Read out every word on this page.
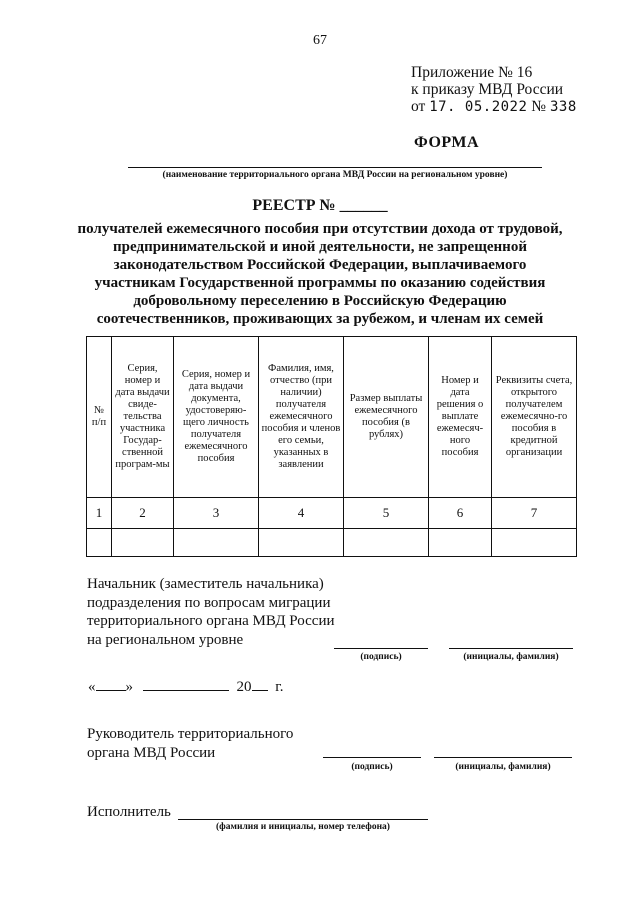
67
Приложение № 16
к приказу МВД России
от 17. 05.2022 № 338
ФОРМА
(наименование территориального органа МВД России на региональном уровне)
РЕЕСТР № ______
получателей ежемесячного пособия при отсутствии дохода от трудовой,
предпринимательской и иной деятельности, не запрещенной
законодательством Российской Федерации, выплачиваемого
участникам Государственной программы по оказанию содействия
добровольному переселению в Российскую Федерацию
соотечественников, проживающих за рубежом, и членам их семей
№ п/п	Серия, номер и дата выдачи свиде-тельства участника Государ-ственной програм-мы	Серия, номер и дата выдачи документа, удостоверяю-щего личность получателя ежемесячного пособия	Фамилия, имя, отчество (при наличии) получателя ежемесячного пособия и членов его семьи, указанных в заявлении	Размер выплаты ежемесячного пособия (в рублях)	Номер и дата решения о выплате ежемесяч-ного пособия	Реквизиты счета, открытого получателем ежемесячно-го пособия в кредитной организации
1	2	3	4	5	6	7

Начальник (заместитель начальника)
подразделения по вопросам миграции
территориального органа МВД России
на региональном уровне
(подпись)	(инициалы, фамилия)
« »	20 г.
Руководитель территориального
органа МВД России
(подпись)	(инициалы, фамилия)
Исполнитель
(фамилия и инициалы, номер телефона)
